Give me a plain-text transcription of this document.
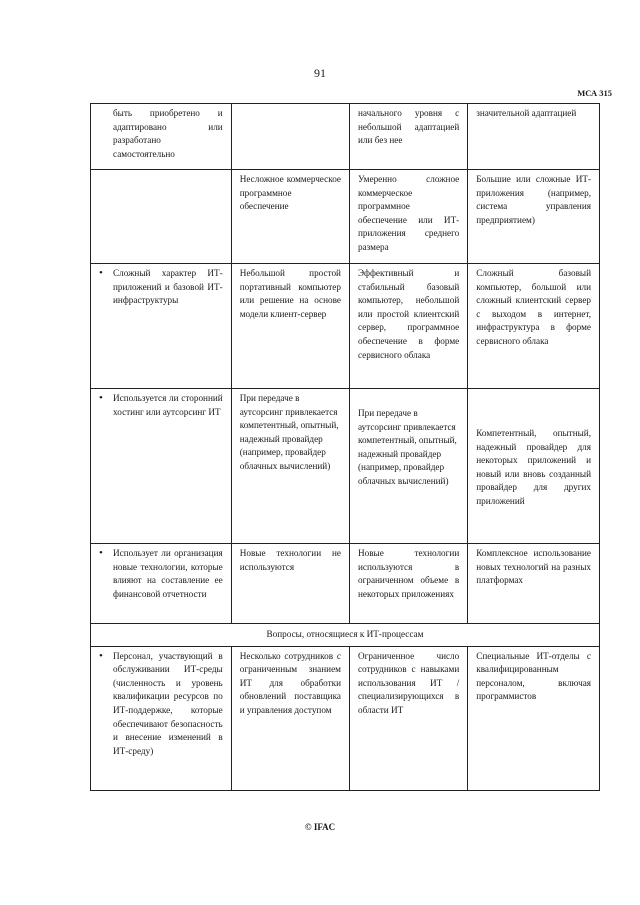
91
МСА 315
быть приобретено и адаптировано или разработано самостоятельно		начального уровня с небольшой адаптацией или без нее	значительной адаптацией

	Несложное коммерческое программное обеспечение	Умеренно сложное коммерческое программное обеспечение или ИТ-приложения среднего размера	Большие или сложные ИТ-приложения (например, система управления предприятием)

• Сложный характер ИТ-приложений и базовой ИТ-инфраструктуры	Небольшой простой портативный компьютер или решение на основе модели клиент-сервер	Эффективный и стабильный базовый компьютер, небольшой или простой клиентский сервер, программное обеспечение в форме сервисного облака	Сложный базовый компьютер, большой или сложный клиентский сервер с выходом в интернет, инфраструктура в форме сервисного облака

• Используется ли сторонний хостинг или аутсорсинг ИТ	При передаче в аутсорсинг привлекается компетентный, опытный, надежный провайдер (например, провайдер облачных вычислений)	При передаче в аутсорсинг привлекается компетентный, опытный, надежный провайдер (например, провайдер облачных вычислений)	Компетентный, опытный, надежный провайдер для некоторых приложений и новый или вновь созданный провайдер для других приложений

• Использует ли организация новые технологии, которые влияют на составление ее финансовой отчетности	Новые технологии не используются	Новые технологии используются в ограниченном объеме в некоторых приложениях	Комплексное использование новых технологий на разных платформах
Вопросы, относящиеся к ИТ-процессам			

• Персонал, участвующий в обслуживании ИТ-среды (численность и уровень квалификации ресурсов по ИТ-поддержке, которые обеспечивают безопасность и внесение изменений в ИТ-среду)	Несколько сотрудников с ограниченным знанием ИТ для обработки обновлений поставщика и управления доступом	Ограниченное число сотрудников с навыками использования ИТ / специализирующихся в области ИТ	Специальные ИТ-отделы с квалифицированным персоналом, включая программистов
© IFAC
